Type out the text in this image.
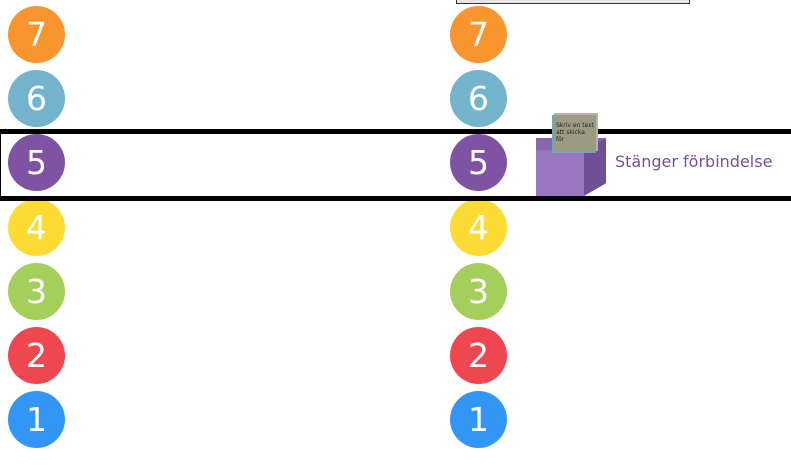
7
6
5
4
3
2
1
7
6
5
4
3
2
1
Skriv en text att skicka för
Stänger förbindelse
